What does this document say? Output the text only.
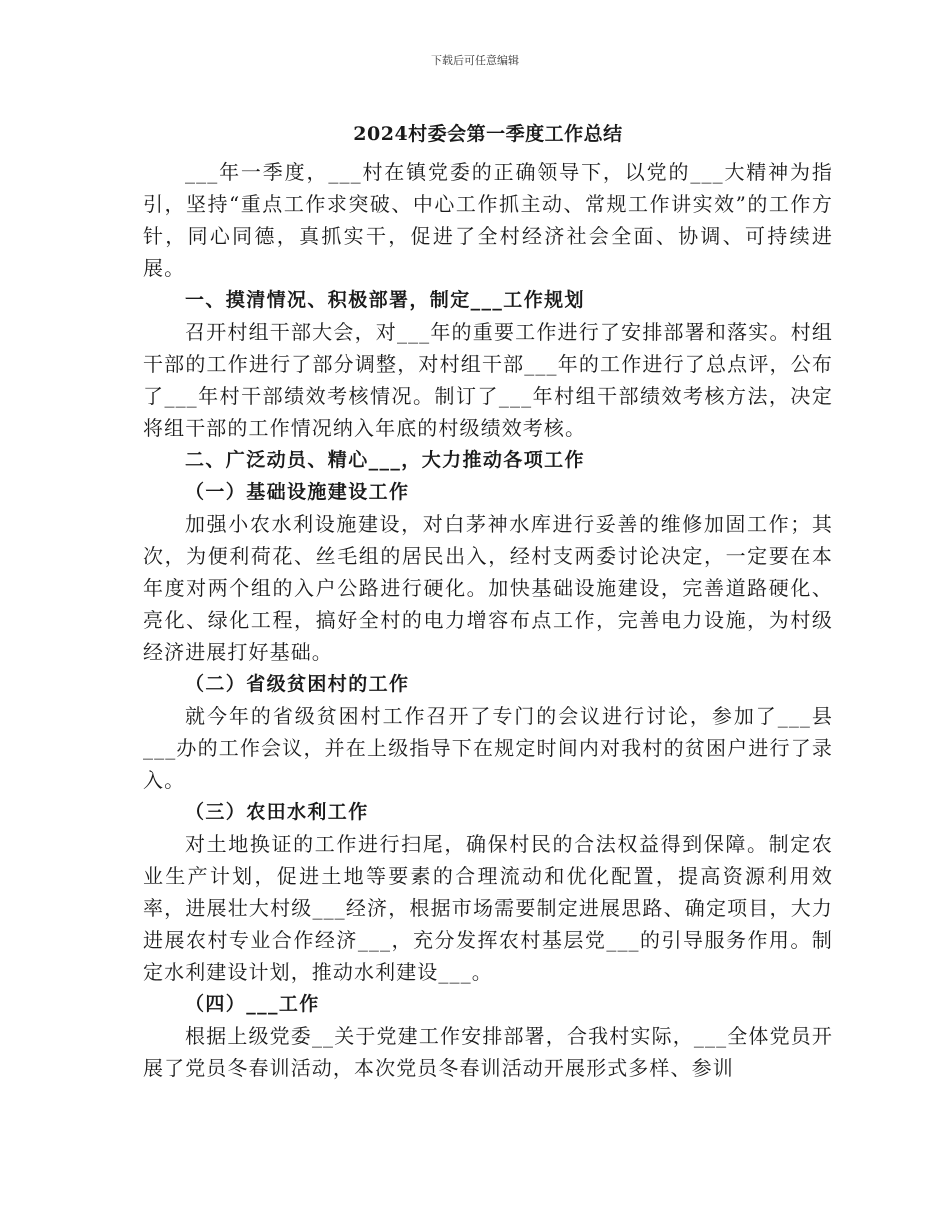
下载后可任意编辑
2024村委会第一季度工作总结

___年一季度，___村在镇党委的正确领导下，以党的___大精神为指引，坚持“重点工作求突破、中心工作抓主动、常规工作讲实效”的工作方针，同心同德，真抓实干，促进了全村经济社会全面、协调、可持续进展。

一、摸清情况、积极部署，制定___工作规划

召开村组干部大会，对___年的重要工作进行了安排部署和落实。村组干部的工作进行了部分调整，对村组干部___年的工作进行了总点评，公布了___年村干部绩效考核情况。制订了___年村组干部绩效考核方法，决定将组干部的工作情况纳入年底的村级绩效考核。

二、广泛动员、精心___，大力推动各项工作

（一）基础设施建设工作

加强小农水利设施建设，对白茅神水库进行妥善的维修加固工作；其次，为便利荷花、丝毛组的居民出入，经村支两委讨论决定，一定要在本年度对两个组的入户公路进行硬化。加快基础设施建设，完善道路硬化、亮化、绿化工程，搞好全村的电力增容布点工作，完善电力设施，为村级经济进展打好基础。

（二）省级贫困村的工作

就今年的省级贫困村工作召开了专门的会议进行讨论，参加了___县___办的工作会议，并在上级指导下在规定时间内对我村的贫困户进行了录入。

（三）农田水利工作

对土地换证的工作进行扫尾，确保村民的合法权益得到保障。制定农业生产计划，促进土地等要素的合理流动和优化配置，提高资源利用效率，进展壮大村级___经济，根据市场需要制定进展思路、确定项目，大力进展农村专业合作经济___，充分发挥农村基层党___的引导服务作用。制定水利建设计划，推动水利建设___。

（四）___工作

根据上级党委__关于党建工作安排部署，合我村实际，___全体党员开展了党员冬春训活动，本次党员冬春训活动开展形式多样、参训
